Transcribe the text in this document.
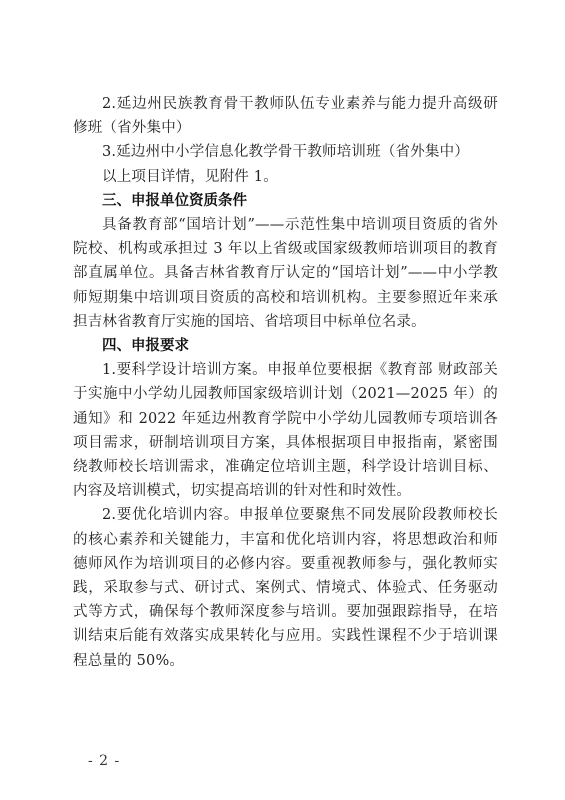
2.延边州民族教育骨干教师队伍专业素养与能力提升高级研修班（省外集中）

3.延边州中小学信息化教学骨干教师培训班（省外集中）

以上项目详情，见附件 1。

三、申报单位资质条件

具备教育部“国培计划”——示范性集中培训项目资质的省外院校、机构或承担过 3 年以上省级或国家级教师培训项目的教育部直属单位。具备吉林省教育厅认定的“国培计划”——中小学教师短期集中培训项目资质的高校和培训机构。主要参照近年来承担吉林省教育厅实施的国培、省培项目中标单位名录。

四、申报要求

1.要科学设计培训方案。申报单位要根据《教育部 财政部关于实施中小学幼儿园教师国家级培训计划（2021—2025 年）的通知》和 2022 年延边州教育学院中小学幼儿园教师专项培训各项目需求，研制培训项目方案，具体根据项目申报指南，紧密围绕教师校长培训需求，准确定位培训主题，科学设计培训目标、内容及培训模式，切实提高培训的针对性和时效性。

2.要优化培训内容。申报单位要聚焦不同发展阶段教师校长的核心素养和关键能力，丰富和优化培训内容，将思想政治和师德师风作为培训项目的必修内容。要重视教师参与，强化教师实践，采取参与式、研讨式、案例式、情境式、体验式、任务驱动式等方式，确保每个教师深度参与培训。要加强跟踪指导，在培训结束后能有效落实成果转化与应用。实践性课程不少于培训课程总量的 50%。

- 2 -
